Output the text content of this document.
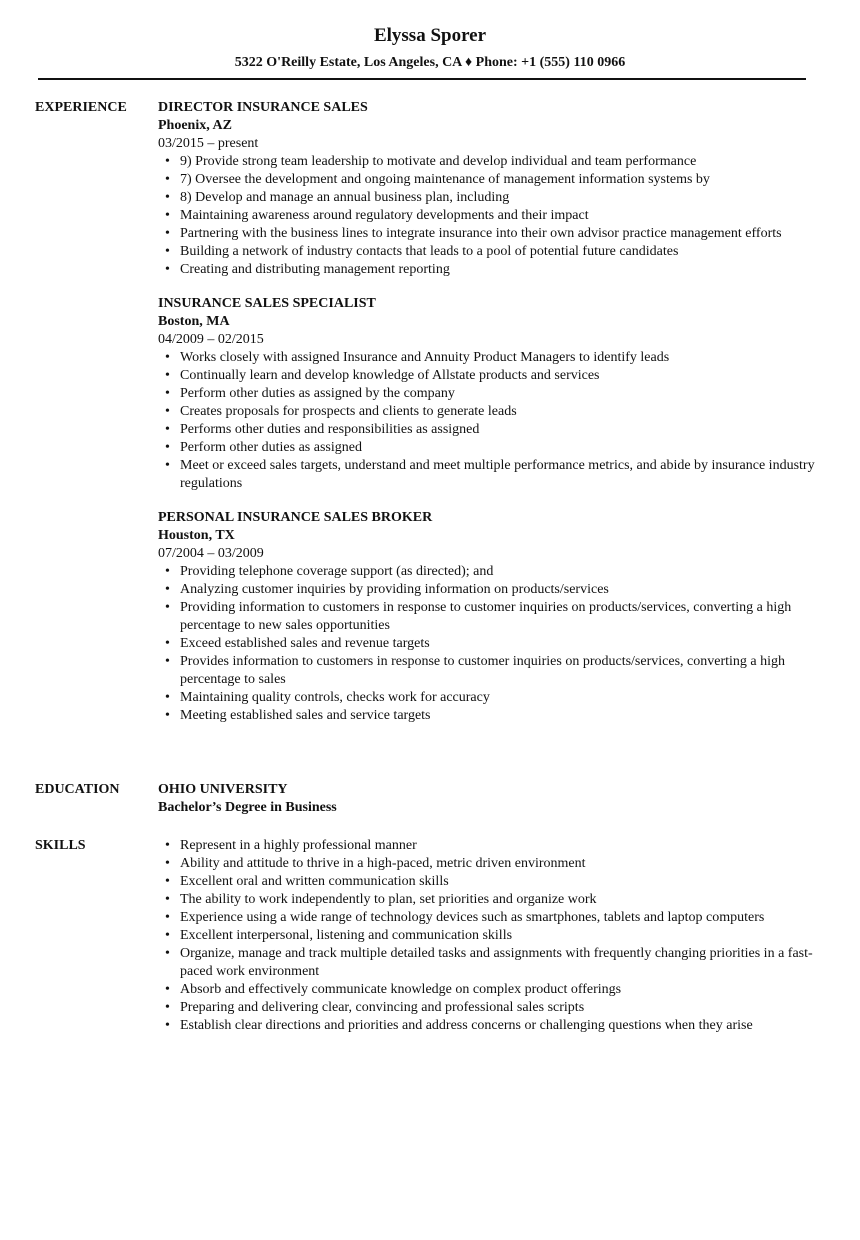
Elyssa Sporer
5322 O'Reilly Estate, Los Angeles, CA ♦ Phone: +1 (555) 110 0966
EXPERIENCE DIRECTOR INSURANCE SALES
Phoenix, AZ
03/2015 – present
• 9) Provide strong team leadership to motivate and develop individual and team performance
• 7) Oversee the development and ongoing maintenance of management information systems by
• 8) Develop and manage an annual business plan, including
• Maintaining awareness around regulatory developments and their impact
• Partnering with the business lines to integrate insurance into their own advisor practice management efforts
• Building a network of industry contacts that leads to a pool of potential future candidates
• Creating and distributing management reporting
INSURANCE SALES SPECIALIST
Boston, MA
04/2009 – 02/2015
• Works closely with assigned Insurance and Annuity Product Managers to identify leads
• Continually learn and develop knowledge of Allstate products and services
• Perform other duties as assigned by the company
• Creates proposals for prospects and clients to generate leads
• Performs other duties and responsibilities as assigned
• Perform other duties as assigned
• Meet or exceed sales targets, understand and meet multiple performance metrics, and abide by insurance industry regulations
PERSONAL INSURANCE SALES BROKER
Houston, TX
07/2004 – 03/2009
• Providing telephone coverage support (as directed); and
• Analyzing customer inquiries by providing information on products/services
• Providing information to customers in response to customer inquiries on products/services, converting a high percentage to new sales opportunities
• Exceed established sales and revenue targets
• Provides information to customers in response to customer inquiries on products/services, converting a high percentage to sales
• Maintaining quality controls, checks work for accuracy
• Meeting established sales and service targets
EDUCATION	OHIO UNIVERSITY
Bachelor’s Degree in Business
SKILLS	• Represent in a highly professional manner
• Ability and attitude to thrive in a high-paced, metric driven environment
• Excellent oral and written communication skills
• The ability to work independently to plan, set priorities and organize work
• Experience using a wide range of technology devices such as smartphones, tablets and laptop computers
• Excellent interpersonal, listening and communication skills
• Organize, manage and track multiple detailed tasks and assignments with frequently changing priorities in a fast-paced work environment
• Absorb and effectively communicate knowledge on complex product offerings
• Preparing and delivering clear, convincing and professional sales scripts
• Establish clear directions and priorities and address concerns or challenging questions when they arise
